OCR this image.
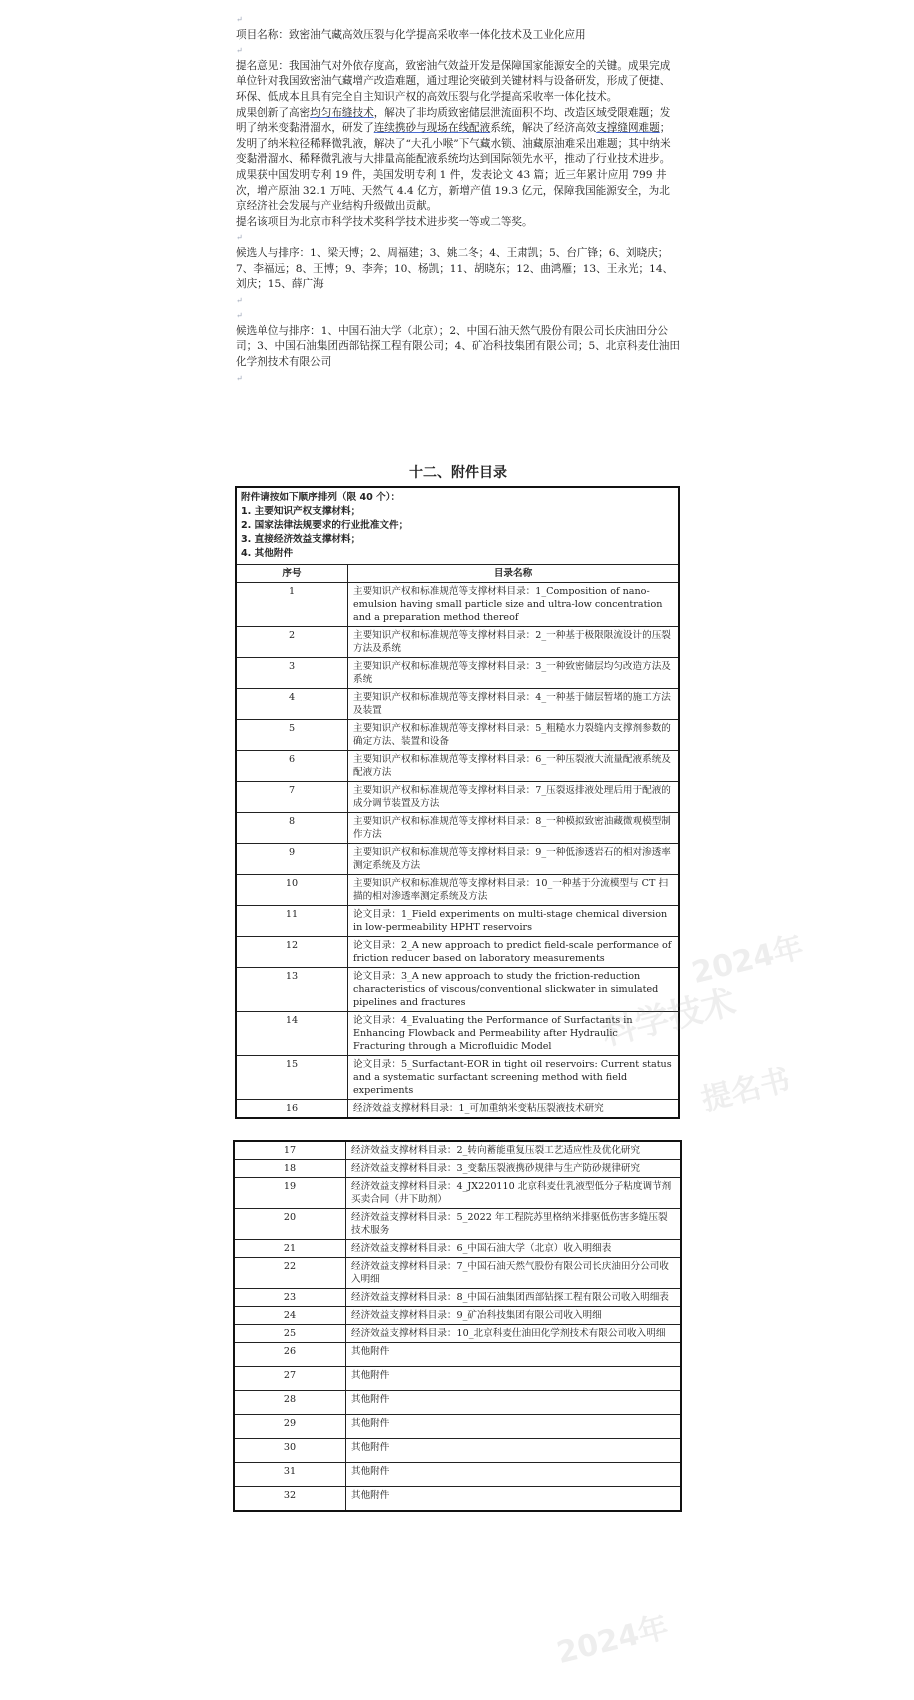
↵

项目名称：致密油气藏高效压裂与化学提高采收率一体化技术及工业化应用

↵

提名意见：我国油气对外依存度高，致密油气效益开发是保障国家能源安全的关键。成果完成单位针对我国致密油气藏增产改造难题，通过理论突破到关键材料与设备研发，形成了便捷、环保、低成本且具有完全自主知识产权的高效压裂与化学提高采收率一体化技术。

成果创新了高密均匀布缝技术，解决了非均质致密储层泄流面积不均、改造区域受限难题；发明了纳米变黏滑溜水，研发了连续携砂与现场在线配液系统，解决了经济高效支撑缝网难题；发明了纳米粒径稀释微乳液，解决了“大孔小喉”下气藏水锁、油藏原油难采出难题；其中纳米变黏滑溜水、稀释微乳液与大排量高能配液系统均达到国际领先水平，推动了行业技术进步。

成果获中国发明专利 19 件，美国发明专利 1 件，发表论文 43 篇；近三年累计应用 799 井次，增产原油 32.1 万吨、天然气 4.4 亿方，新增产值 19.3 亿元，保障我国能源安全，为北京经济社会发展与产业结构升级做出贡献。

提名该项目为北京市科学技术奖科学技术进步奖一等或二等奖。

↵

候选人与排序：1、梁天博；2、周福建；3、姚二冬；4、王肃凯；5、台广锋；6、刘晓庆；7、李福远；8、王博；9、李奔；10、杨凯；11、胡晓东；12、曲鸿雁；13、王永光；14、刘庆；15、薛广海

↵
↵

候选单位与排序：1、中国石油大学（北京）；2、中国石油天然气股份有限公司长庆油田分公司；3、中国石油集团西部钻探工程有限公司；4、矿冶科技集团有限公司；5、北京科麦仕油田化学剂技术有限公司

↵
十二、附件目录
附件请按如下顺序排列（限 40 个）：
1. 主要知识产权支撑材料；
2. 国家法律法规要求的行业批准文件；
3. 直接经济效益支撑材料；
4. 其他附件	

序号	目录名称
1	主要知识产权和标准规范等支撑材料目录：1_Composition of nano-emulsion having small particle size and ultra-low concentration and a preparation method thereof
2	主要知识产权和标准规范等支撑材料目录：2_一种基于极限限流设计的压裂方法及系统
3	主要知识产权和标准规范等支撑材料目录：3_一种致密储层均匀改造方法及系统
4	主要知识产权和标准规范等支撑材料目录：4_一种基于储层暂堵的施工方法及装置
5	主要知识产权和标准规范等支撑材料目录：5_粗糙水力裂缝内支撑剂参数的确定方法、装置和设备
6	主要知识产权和标准规范等支撑材料目录：6_一种压裂液大流量配液系统及配液方法
7	主要知识产权和标准规范等支撑材料目录：7_压裂返排液处理后用于配液的成分调节装置及方法
8	主要知识产权和标准规范等支撑材料目录：8_一种模拟致密油藏微观模型制作方法
9	主要知识产权和标准规范等支撑材料目录：9_一种低渗透岩石的相对渗透率测定系统及方法
10	主要知识产权和标准规范等支撑材料目录：10_一种基于分流模型与 CT 扫描的相对渗透率测定系统及方法
11	论文目录：1_Field experiments on multi-stage chemical diversion in low-permeability HPHT reservoirs
12	论文目录：2_A new approach to predict field-scale performance of friction reducer based on laboratory measurements
13	论文目录：3_A new approach to study the friction-reduction characteristics of viscous/conventional slickwater in simulated pipelines and fractures
14	论文目录：4_Evaluating the Performance of Surfactants in Enhancing Flowback and Permeability after Hydraulic Fracturing through a Microfluidic Model
15	论文目录：5_Surfactant-EOR in tight oil reservoirs: Current status and a systematic surfactant screening method with field experiments
16	经济效益支撑材料目录：1_可加重纳米变粘压裂液技术研究
17	经济效益支撑材料目录：2_转向蓄能重复压裂工艺适应性及优化研究
18	经济效益支撑材料目录：3_变黏压裂液携砂规律与生产防砂规律研究
19	经济效益支撑材料目录：4_JX220110 北京科麦仕乳液型低分子粘度调节剂买卖合同（井下助剂）
20	经济效益支撑材料目录：5_2022 年工程院苏里格纳米排驱低伤害多缝压裂技术服务
21	经济效益支撑材料目录：6_中国石油大学（北京）收入明细表
22	经济效益支撑材料目录：7_中国石油天然气股份有限公司长庆油田分公司收入明细
23	经济效益支撑材料目录：8_中国石油集团西部钻探工程有限公司收入明细表
24	经济效益支撑材料目录：9_矿冶科技集团有限公司收入明细
25	经济效益支撑材料目录：10_北京科麦仕油田化学剂技术有限公司收入明细
26	其他附件
27	其他附件
28	其他附件
29	其他附件
30	其他附件
31	其他附件
32	其他附件
2024年
科学技术
提名书
2024年
